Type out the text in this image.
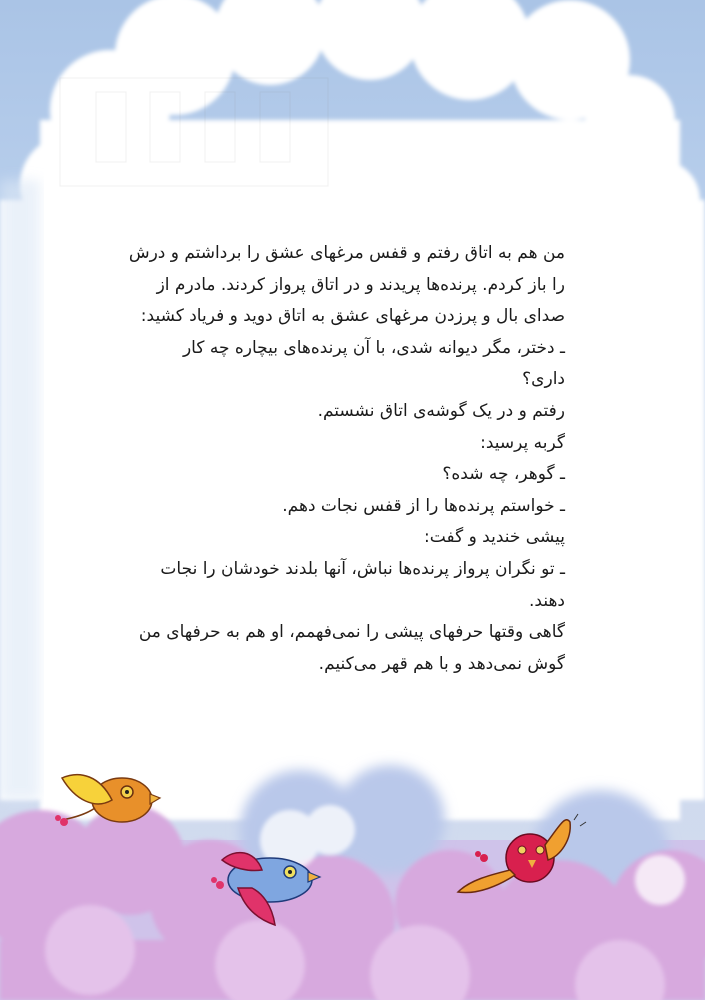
من هم به اتاق رفتم و قفس مرغهای عشق را برداشتم و درش

را باز کردم. پرنده‌ها پریدند و در اتاق پرواز کردند. مادرم از

صدای بال و پرزدن مرغهای عشق به اتاق دوید و فریاد کشید:

ـ دختر، مگر دیوانه شدی، با آن پرنده‌های بیچاره چه کار

داری؟

رفتم و در یک گوشه‌ی اتاق نشستم.

گربه پرسید:

ـ گوهر، چه شده؟

ـ خواستم پرنده‌ها را از قفس نجات دهم.

پیشی خندید و گفت:

ـ تو نگران پرواز پرنده‌ها نباش، آنها بلدند خودشان را نجات

دهند.

گاهی وقتها حرفهای پیشی را نمی‌فهمم، او هم به حرفهای من

گوش نمی‌دهد و با هم قهر می‌کنیم.
